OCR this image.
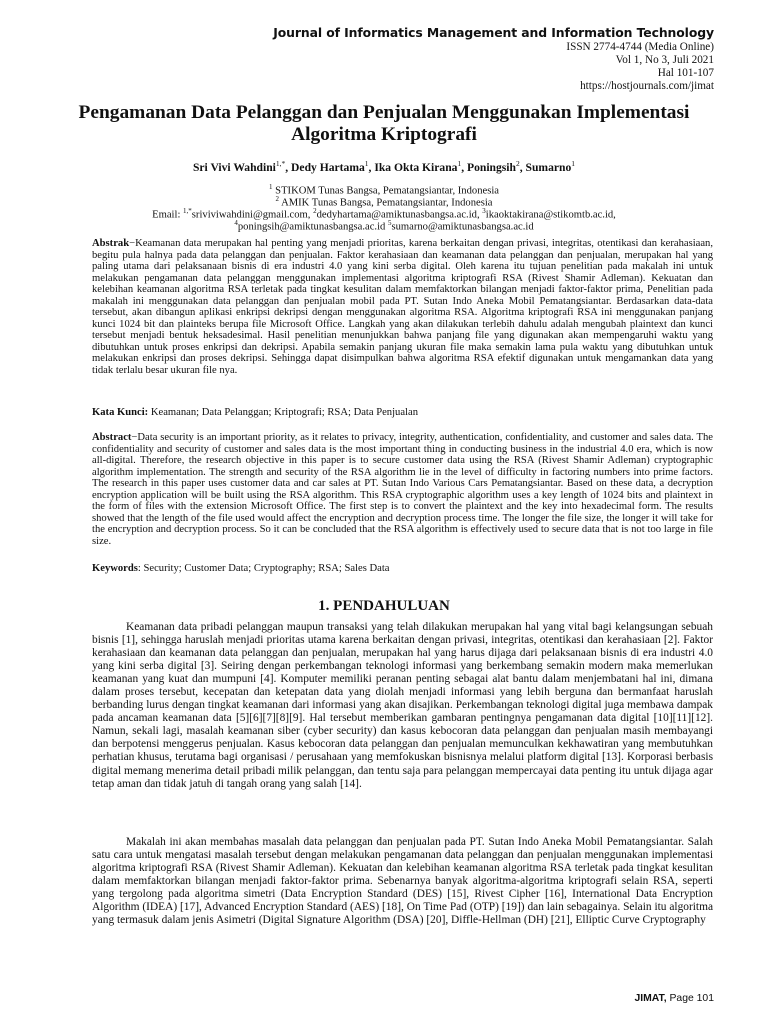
Journal of Informatics Management and Information Technology
ISSN 2774-4744 (Media Online)
Vol 1, No 3, Juli 2021
Hal 101-107
https://hostjournals.com/jimat
Pengamanan Data Pelanggan dan Penjualan Menggunakan Implementasi Algoritma Kriptografi
Sri Vivi Wahdini$^{1,*}$, Dedy Hartama$^1$, Ika Okta Kirana$^1$, Poningsih$^2$, Sumarno$^1$
$^1$ STIKOM Tunas Bangsa, Pematangsiantar, Indonesia
$^2$ AMIK Tunas Bangsa, Pematangsiantar, Indonesia
Email: $^{1,*}$sriviviwahdini@gmail.com, $^2$dedyhartama@amiktunasbangsa.ac.id, $^3$ikaoktakirana@stikomtb.ac.id,
$^4$poningsih@amiktunasbangsa.ac.id $^5$sumarno@amiktunasbangsa.ac.id
Abstrak−Keamanan data merupakan hal penting yang menjadi prioritas, karena berkaitan dengan privasi, integritas, otentikasi dan kerahasiaan, begitu pula halnya pada data pelanggan dan penjualan. Faktor kerahasiaan dan keamanan data pelanggan dan penjualan, merupakan hal yang paling utama dari pelaksanaan bisnis di era industri 4.0 yang kini serba digital. Oleh karena itu tujuan penelitian pada makalah ini untuk melakukan pengamanan data pelanggan menggunakan implementasi algoritma kriptografi RSA (Rivest Shamir Adleman). Kekuatan dan kelebihan keamanan algoritma RSA terletak pada tingkat kesulitan dalam memfaktorkan bilangan menjadi faktor-faktor prima, Penelitian pada makalah ini menggunakan data pelanggan dan penjualan mobil pada PT. Sutan Indo Aneka Mobil Pematangsiantar. Berdasarkan data-data tersebut, akan dibangun aplikasi enkripsi dekripsi dengan menggunakan algoritma RSA. Algoritma kriptografi RSA ini menggunakan panjang kunci 1024 bit dan plainteks berupa file Microsoft Office. Langkah yang akan dilakukan terlebih dahulu adalah mengubah plaintext dan kunci tersebut menjadi bentuk heksadesimal. Hasil penelitian menunjukkan bahwa panjang file yang digunakan akan mempengaruhi waktu yang dibutuhkan untuk proses enkripsi dan dekripsi. Apabila semakin panjang ukuran file maka semakin lama pula waktu yang dibutuhkan untuk melakukan enkripsi dan proses dekripsi. Sehingga dapat disimpulkan bahwa algoritma RSA efektif digunakan untuk mengamankan data yang tidak terlalu besar ukuran file nya.
Kata Kunci: Keamanan; Data Pelanggan; Kriptografi; RSA; Data Penjualan
Abstract−Data security is an important priority, as it relates to privacy, integrity, authentication, confidentiality, and customer and sales data. The confidentiality and security of customer and sales data is the most important thing in conducting business in the industrial 4.0 era, which is now all-digital. Therefore, the research objective in this paper is to secure customer data using the RSA (Rivest Shamir Adleman) cryptographic algorithm implementation. The strength and security of the RSA algorithm lie in the level of difficulty in factoring numbers into prime factors. The research in this paper uses customer data and car sales at PT. Sutan Indo Various Cars Pematangsiantar. Based on these data, a decryption encryption application will be built using the RSA algorithm. This RSA cryptographic algorithm uses a key length of 1024 bits and plaintext in the form of files with the extension Microsoft Office. The first step is to convert the plaintext and the key into hexadecimal form. The results showed that the length of the file used would affect the encryption and decryption process time. The longer the file size, the longer it will take for the encryption and decryption process. So it can be concluded that the RSA algorithm is effectively used to secure data that is not too large in file size.
Keywords: Security; Customer Data; Cryptography; RSA; Sales Data
1. PENDAHULUAN
Keamanan data pribadi pelanggan maupun transaksi yang telah dilakukan merupakan hal yang vital bagi kelangsungan sebuah bisnis [1], sehingga haruslah menjadi prioritas utama karena berkaitan dengan privasi, integritas, otentikasi dan kerahasiaan [2]. Faktor kerahasiaan dan keamanan data pelanggan dan penjualan, merupakan hal yang harus dijaga dari pelaksanaan bisnis di era industri 4.0 yang kini serba digital [3]. Seiring dengan perkembangan teknologi informasi yang berkembang semakin modern maka memerlukan keamanan yang kuat dan mumpuni [4]. Komputer memiliki peranan penting sebagai alat bantu dalam menjembatani hal ini, dimana dalam proses tersebut, kecepatan dan ketepatan data yang diolah menjadi informasi yang lebih berguna dan bermanfaat haruslah berbanding lurus dengan tingkat keamanan dari informasi yang akan disajikan. Perkembangan teknologi digital juga membawa dampak pada ancaman keamanan data [5][6][7][8][9]. Hal tersebut memberikan gambaran pentingnya pengamanan data digital [10][11][12]. Namun, sekali lagi, masalah keamanan siber (cyber security) dan kasus kebocoran data pelanggan dan penjualan masih membayangi dan berpotensi menggerus penjualan. Kasus kebocoran data pelanggan dan penjualan memunculkan kekhawatiran yang membutuhkan perhatian khusus, terutama bagi organisasi / perusahaan yang memfokuskan bisnisnya melalui platform digital [13]. Korporasi berbasis digital memang menerima detail pribadi milik pelanggan, dan tentu saja para pelanggan mempercayai data penting itu untuk dijaga agar tetap aman dan tidak jatuh di tangah orang yang salah [14].
Makalah ini akan membahas masalah data pelanggan dan penjualan pada PT. Sutan Indo Aneka Mobil Pematangsiantar. Salah satu cara untuk mengatasi masalah tersebut dengan melakukan pengamanan data pelanggan dan penjualan menggunakan implementasi algoritma kriptografi RSA (Rivest Shamir Adleman). Kekuatan dan kelebihan keamanan algoritma RSA terletak pada tingkat kesulitan dalam memfaktorkan bilangan menjadi faktor-faktor prima. Sebenarnya banyak algoritma-algoritma kriptografi selain RSA, seperti yang tergolong pada algoritma simetri (Data Encryption Standard (DES) [15], Rivest Cipher [16], International Data Encryption Algorithm (IDEA) [17], Advanced Encryption Standard (AES) [18], On Time Pad (OTP) [19]) dan lain sebagainya. Selain itu algoritma yang termasuk dalam jenis Asimetri (Digital Signature Algorithm (DSA) [20], Diffle-Hellman (DH) [21], Elliptic Curve Cryptography
JIMAT, Page 101
